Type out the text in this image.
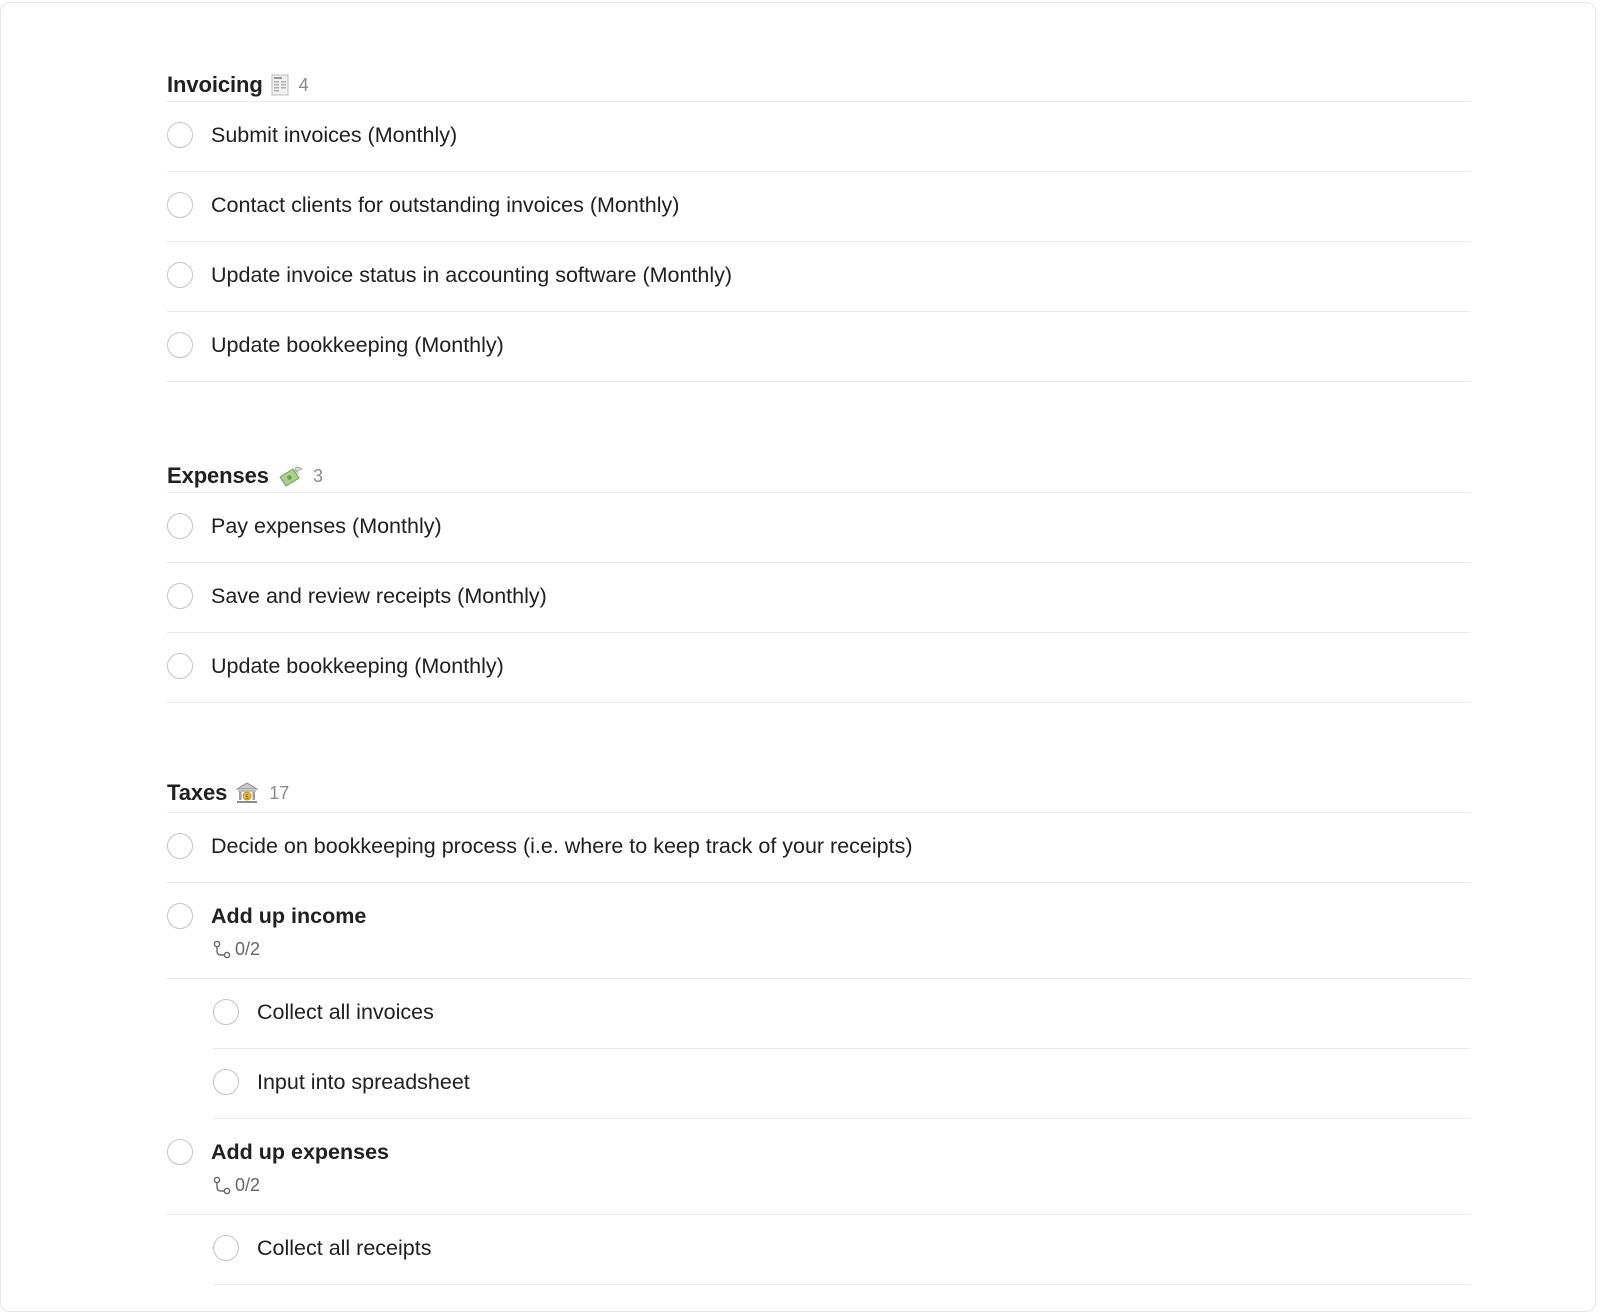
Invoicing 4
Submit invoices (Monthly)
Contact clients for outstanding invoices (Monthly)
Update invoice status in accounting software (Monthly)
Update bookkeeping (Monthly)
Expenses 3
Pay expenses (Monthly)
Save and review receipts (Monthly)
Update bookkeeping (Monthly)
Taxes	$ 17
Decide on bookkeeping process (i.e. where to keep track of your receipts)
Add up income
0/2
Collect all invoices
Input into spreadsheet
Add up expenses
0/2
Collect all receipts
